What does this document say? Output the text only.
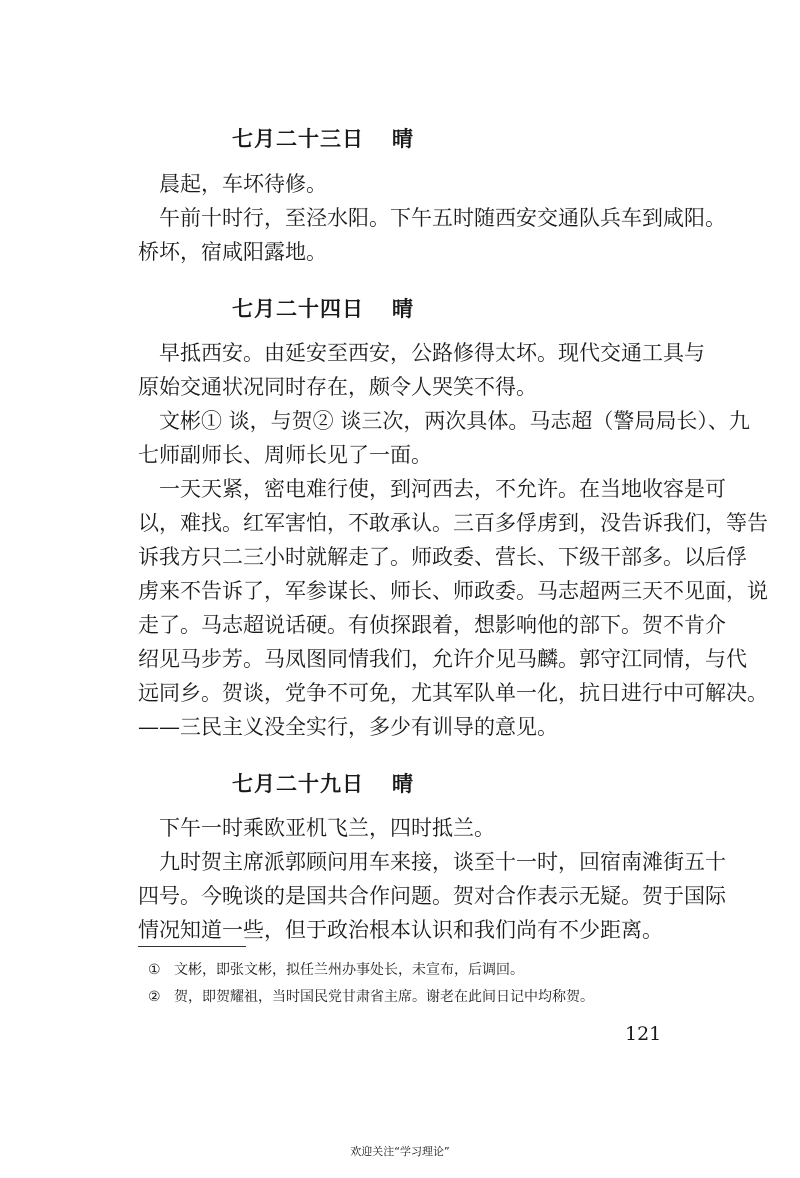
七月二十三日 晴
　晨起，车坏待修。
　午前十时行，至泾水阳。下午五时随西安交通队兵车到咸阳。
桥坏，宿咸阳露地。
七月二十四日 晴
　早抵西安。由延安至西安，公路修得太坏。现代交通工具与
原始交通状况同时存在，颇令人哭笑不得。
　文彬① 谈，与贺② 谈三次，两次具体。马志超（警局局长）、九
七师副师长、周师长见了一面。
　一天天紧，密电难行使，到河西去，不允许。在当地收容是可
以，难找。红军害怕，不敢承认。三百多俘虏到，没告诉我们，等告
诉我方只二三小时就解走了。师政委、营长、下级干部多。以后俘
虏来不告诉了，军参谋长、师长、师政委。马志超两三天不见面，说
走了。马志超说话硬。有侦探跟着，想影响他的部下。贺不肯介
绍见马步芳。马凤图同情我们，允许介见马麟。郭守江同情，与代
远同乡。贺谈，党争不可免，尤其军队单一化，抗日进行中可解决。
——三民主义没全实行，多少有训导的意见。
七月二十九日 晴
　下午一时乘欧亚机飞兰，四时抵兰。
　九时贺主席派郭顾问用车来接，谈至十一时，回宿南滩街五十
四号。今晚谈的是国共合作问题。贺对合作表示无疑。贺于国际
情况知道一些，但于政治根本认识和我们尚有不少距离。
① 文彬，即张文彬，拟任兰州办事处长，未宣布，后调回。
② 贺，即贺耀祖，当时国民党甘肃省主席。谢老在此间日记中均称贺。
121
欢迎关注“学习理论”
